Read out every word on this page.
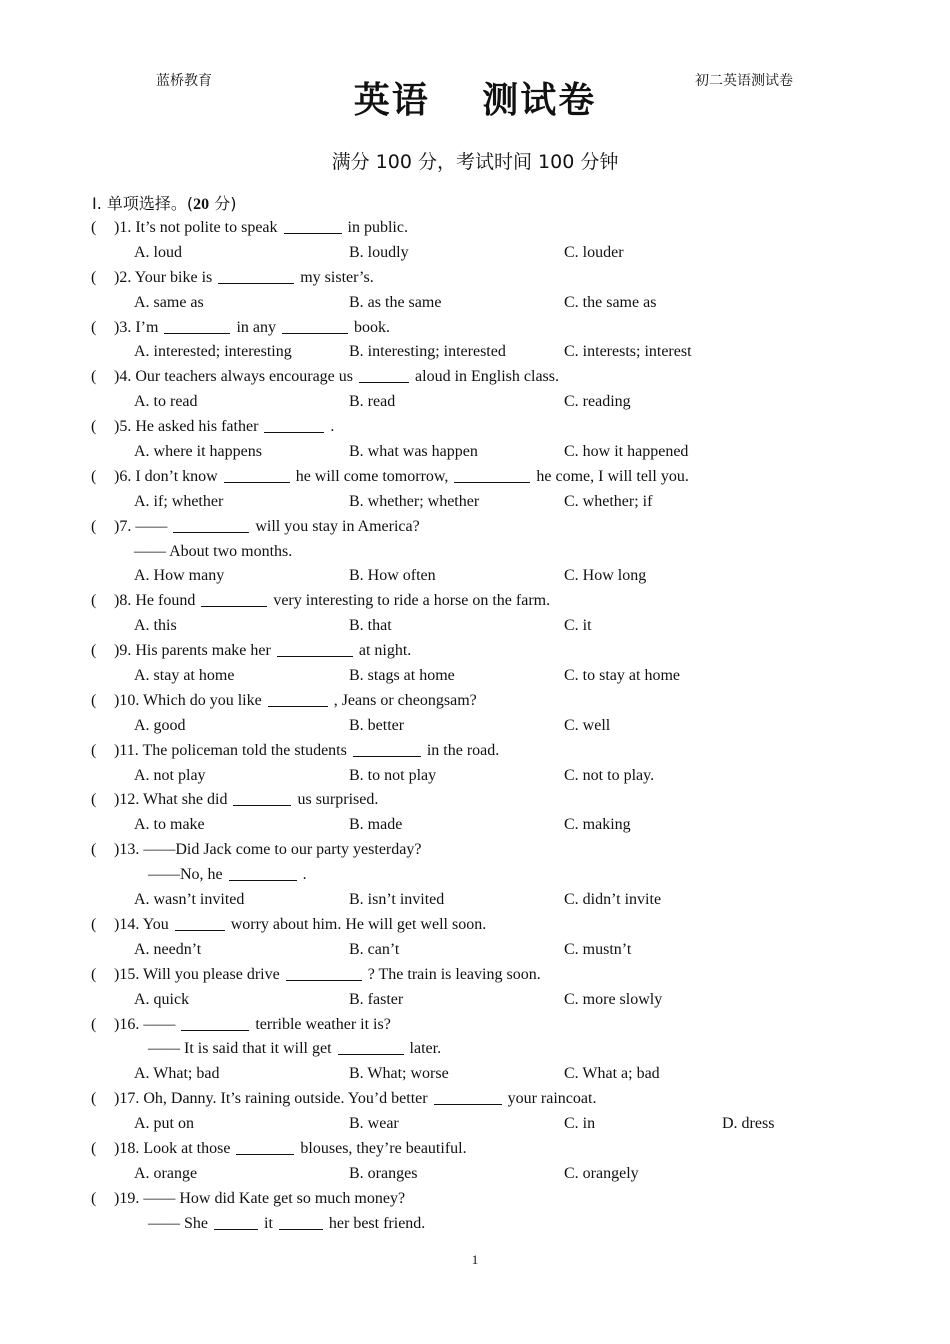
蓝桥教育	英语　 测试卷	初二英语测试卷
满分 100 分，考试时间 100 分钟
Ⅰ. 单项选择。(20 分)
( )1. It’s not polite to speak	in public.
A. loud	B. loudly	C. louder
( )2. Your bike is	my sister’s.
A. same as	B. as the same	C. the same as
( )3. I’m	in any	book.
A. interested; interesting	B. interesting; interested	C. interests; interest
( )4. Our teachers always encourage us	aloud in English class.
A. to read	B. read	C. reading
( )5. He asked his father	.
A. where it happens	B. what was happen	C. how it happened
( )6. I don’t know	he will come tomorrow,	he come, I will tell you.
A. if; whether	B. whether; whether	C. whether; if
( )7. ——	will you stay in America?
—— About two months.
A. How many	B. How often	C. How long
( )8. He found	very interesting to ride a horse on the farm.
A. this	B. that	C. it
( )9. His parents make her	at night.
A. stay at home	B. stags at home	C. to stay at home
( )10. Which do you like	, Jeans or cheongsam?
A. good	B. better	C. well
( )11. The policeman told the students	in the road.
A. not play	B. to not play	C. not to play.
( )12. What she did	us surprised.
A. to make	B. made	C. making
( )13. ——Did Jack come to our party yesterday?
——No, he	.
A. wasn’t invited	B. isn’t invited	C. didn’t invite
( )14. You	worry about him. He will get well soon.
A. needn’t	B. can’t	C. mustn’t
( )15. Will you please drive	? The train is leaving soon.
A. quick	B. faster	C. more slowly
( )16. ——	terrible weather it is?
—— It is said that it will get	later.
A. What; bad	B. What; worse	C. What a; bad
( )17. Oh, Danny. It’s raining outside. You’d better	your raincoat.
A. put on	B. wear	C. in	D. dress
( )18. Look at those	blouses, they’re beautiful.
A. orange	B. oranges	C. orangely
( )19. —— How did Kate get so much money?
—— She	it	her best friend.
1
